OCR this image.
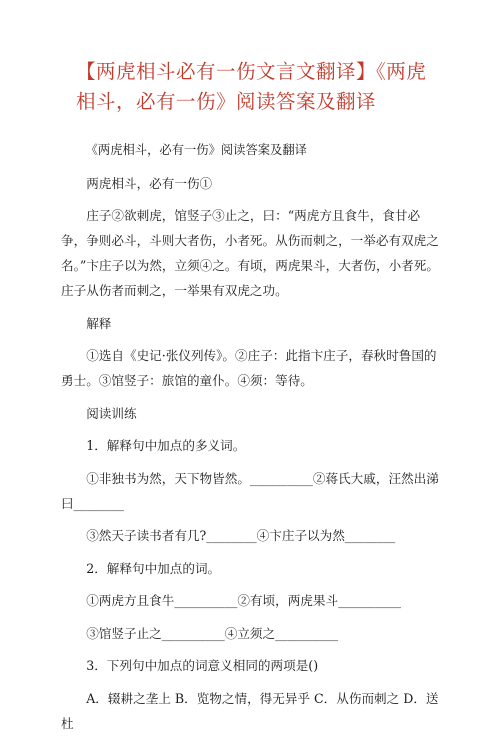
【两虎相斗必有一伤文言文翻译】《两虎相斗，必有一伤》阅读答案及翻译

《两虎相斗，必有一伤》阅读答案及翻译

两虎相斗，必有一伤①

庄子②欲刺虎，馆竖子③止之，曰：“两虎方且食牛，食甘必争，争则必斗，斗则大者伤，小者死。从伤而刺之，一举必有双虎之名。”卞庄子以为然，立须④之。有顷，两虎果斗，大者伤，小者死。庄子从伤者而刺之，一举果有双虎之功。

解释

①选自《史记·张仪列传》。②庄子：此指卞庄子，春秋时鲁国的勇士。③馆竖子：旅馆的童仆。④须：等待。

阅读训练

1．解释句中加点的多义词。

①非独书为然，天下物皆然。__________②蒋氏大戚，汪然出涕曰________

③然天子读书者有几?________④卞庄子以为然________

2．解释句中加点的词。

①两虎方且食牛__________②有顷，两虎果斗__________

③馆竖子止之__________④立须之__________

3．下列句中加点的词意义相同的两项是()

A．辍耕之垄上 B．览物之情，得无异乎 C．从伤而刺之 D．送杜
